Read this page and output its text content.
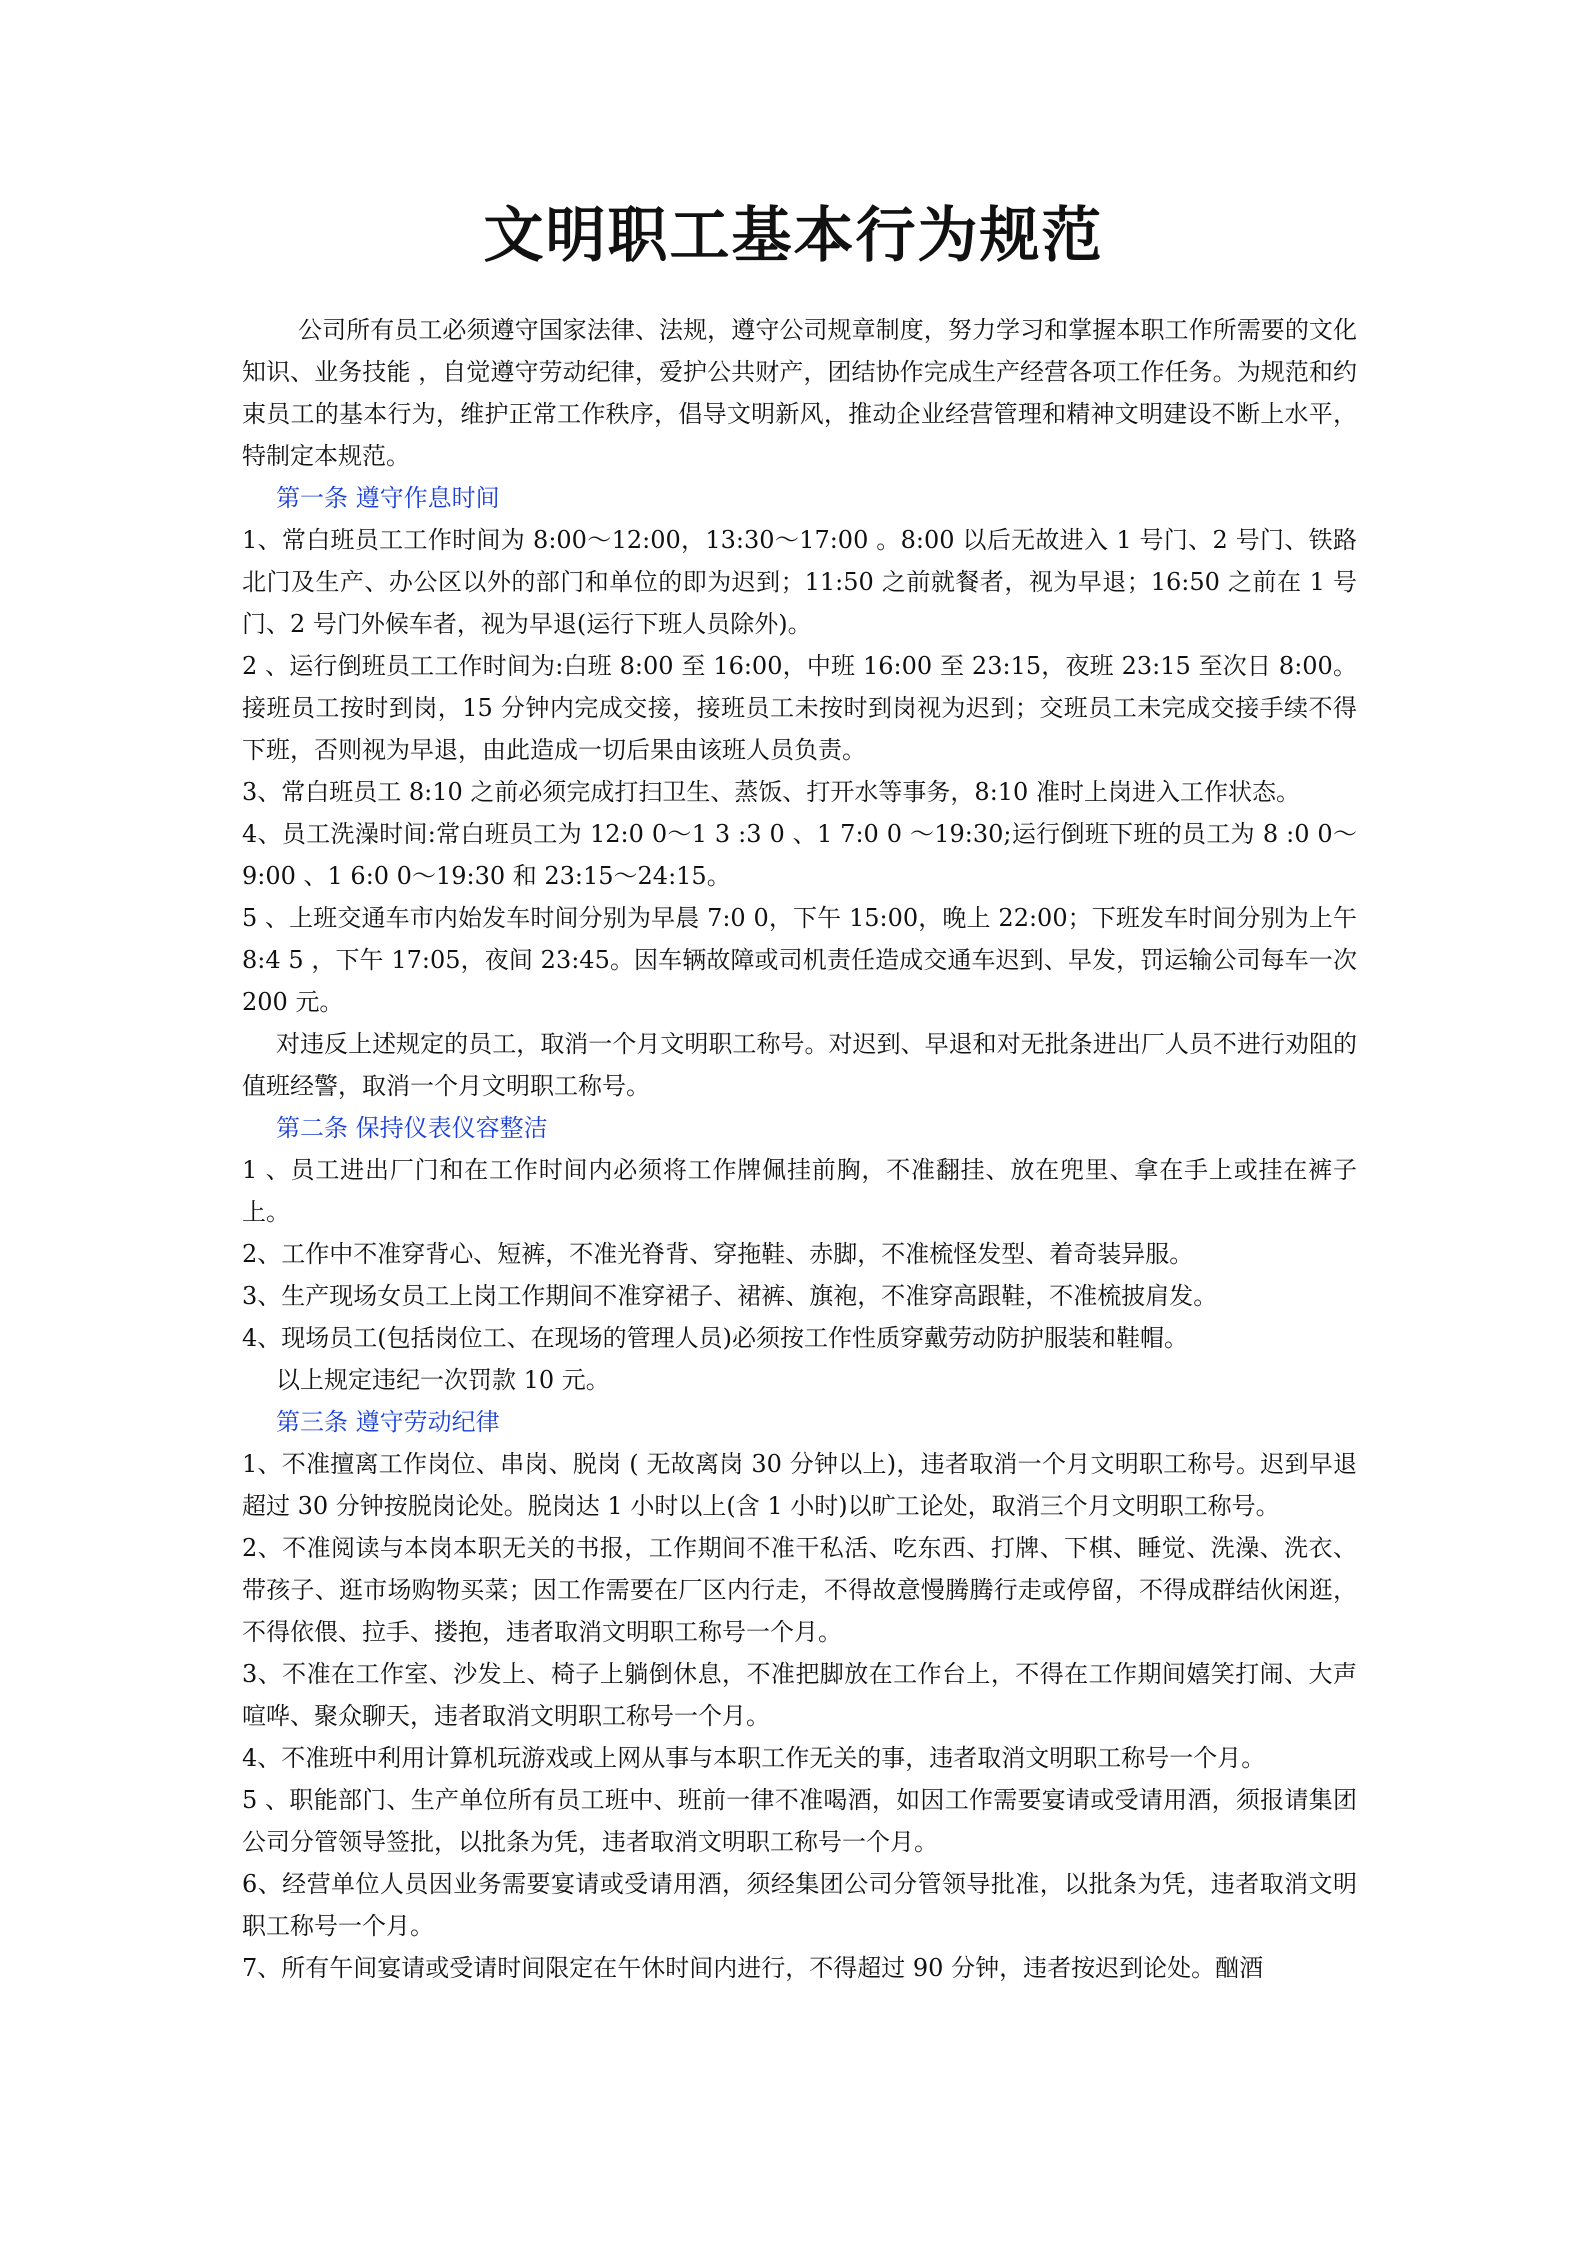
文明职工基本行为规范

公司所有员工必须遵守国家法律、法规，遵守公司规章制度，努力学习和掌握本职工作所需要的文化知识、业务技能 ，自觉遵守劳动纪律，爱护公共财产，团结协作完成生产经营各项工作任务。为规范和约束员工的基本行为，维护正常工作秩序，倡导文明新风，推动企业经营管理和精神文明建设不断上水平，特制定本规范。

第一条 遵守作息时间

1、常白班员工工作时间为 8:00～12:00，13:30～17:00 。8:00 以后无故进入 1 号门、2 号门、铁路北门及生产、办公区以外的部门和单位的即为迟到；11:50 之前就餐者，视为早退；16:50 之前在 1 号门、2 号门外候车者，视为早退(运行下班人员除外)。

2 、运行倒班员工工作时间为:白班 8:00 至 16:00，中班 16:00 至 23:15，夜班 23:15 至次日 8:00。接班员工按时到岗，15 分钟内完成交接，接班员工未按时到岗视为迟到；交班员工未完成交接手续不得下班，否则视为早退，由此造成一切后果由该班人员负责。

3、常白班员工 8:10 之前必须完成打扫卫生、蒸饭、打开水等事务，8:10 准时上岗进入工作状态。

4、员工洗澡时间:常白班员工为 12:0 0～1 3 :3 0 、1 7:0 0 ～19:30;运行倒班下班的员工为 8 :0 0～9:00 、1 6:0 0～19:30 和 23:15～24:15。

5 、上班交通车市内始发车时间分别为早晨 7:0 0，下午 15:00，晚上 22:00；下班发车时间分别为上午 8:4 5 ，下午 17:05，夜间 23:45。因车辆故障或司机责任造成交通车迟到、早发，罚运输公司每车一次 200 元。

对违反上述规定的员工，取消一个月文明职工称号。对迟到、早退和对无批条进出厂人员不进行劝阻的值班经警，取消一个月文明职工称号。

第二条 保持仪表仪容整洁

1 、员工进出厂门和在工作时间内必须将工作牌佩挂前胸，不准翻挂、放在兜里、拿在手上或挂在裤子上。

2、工作中不准穿背心、短裤，不准光脊背、穿拖鞋、赤脚，不准梳怪发型、着奇装异服。

3、生产现场女员工上岗工作期间不准穿裙子、裙裤、旗袍，不准穿高跟鞋，不准梳披肩发。

4、现场员工(包括岗位工、在现场的管理人员)必须按工作性质穿戴劳动防护服装和鞋帽。

以上规定违纪一次罚款 10 元。

第三条 遵守劳动纪律

1、不准擅离工作岗位、串岗、脱岗 ( 无故离岗 30 分钟以上)，违者取消一个月文明职工称号。迟到早退超过 30 分钟按脱岗论处。脱岗达 1 小时以上(含 1 小时)以旷工论处，取消三个月文明职工称号。

2、不准阅读与本岗本职无关的书报，工作期间不准干私活、吃东西、打牌、下棋、睡觉、洗澡、洗衣、带孩子、逛市场购物买菜；因工作需要在厂区内行走，不得故意慢腾腾行走或停留，不得成群结伙闲逛，不得依偎、拉手、搂抱，违者取消文明职工称号一个月。

3、不准在工作室、沙发上、椅子上躺倒休息，不准把脚放在工作台上，不得在工作期间嬉笑打闹、大声喧哗、聚众聊天，违者取消文明职工称号一个月。

4、不准班中利用计算机玩游戏或上网从事与本职工作无关的事，违者取消文明职工称号一个月。

5 、职能部门、生产单位所有员工班中、班前一律不准喝酒，如因工作需要宴请或受请用酒，须报请集团公司分管领导签批，以批条为凭，违者取消文明职工称号一个月。

6、经营单位人员因业务需要宴请或受请用酒，须经集团公司分管领导批准，以批条为凭，违者取消文明职工称号一个月。

7、所有午间宴请或受请时间限定在午休时间内进行，不得超过 90 分钟，违者按迟到论处。酗酒
